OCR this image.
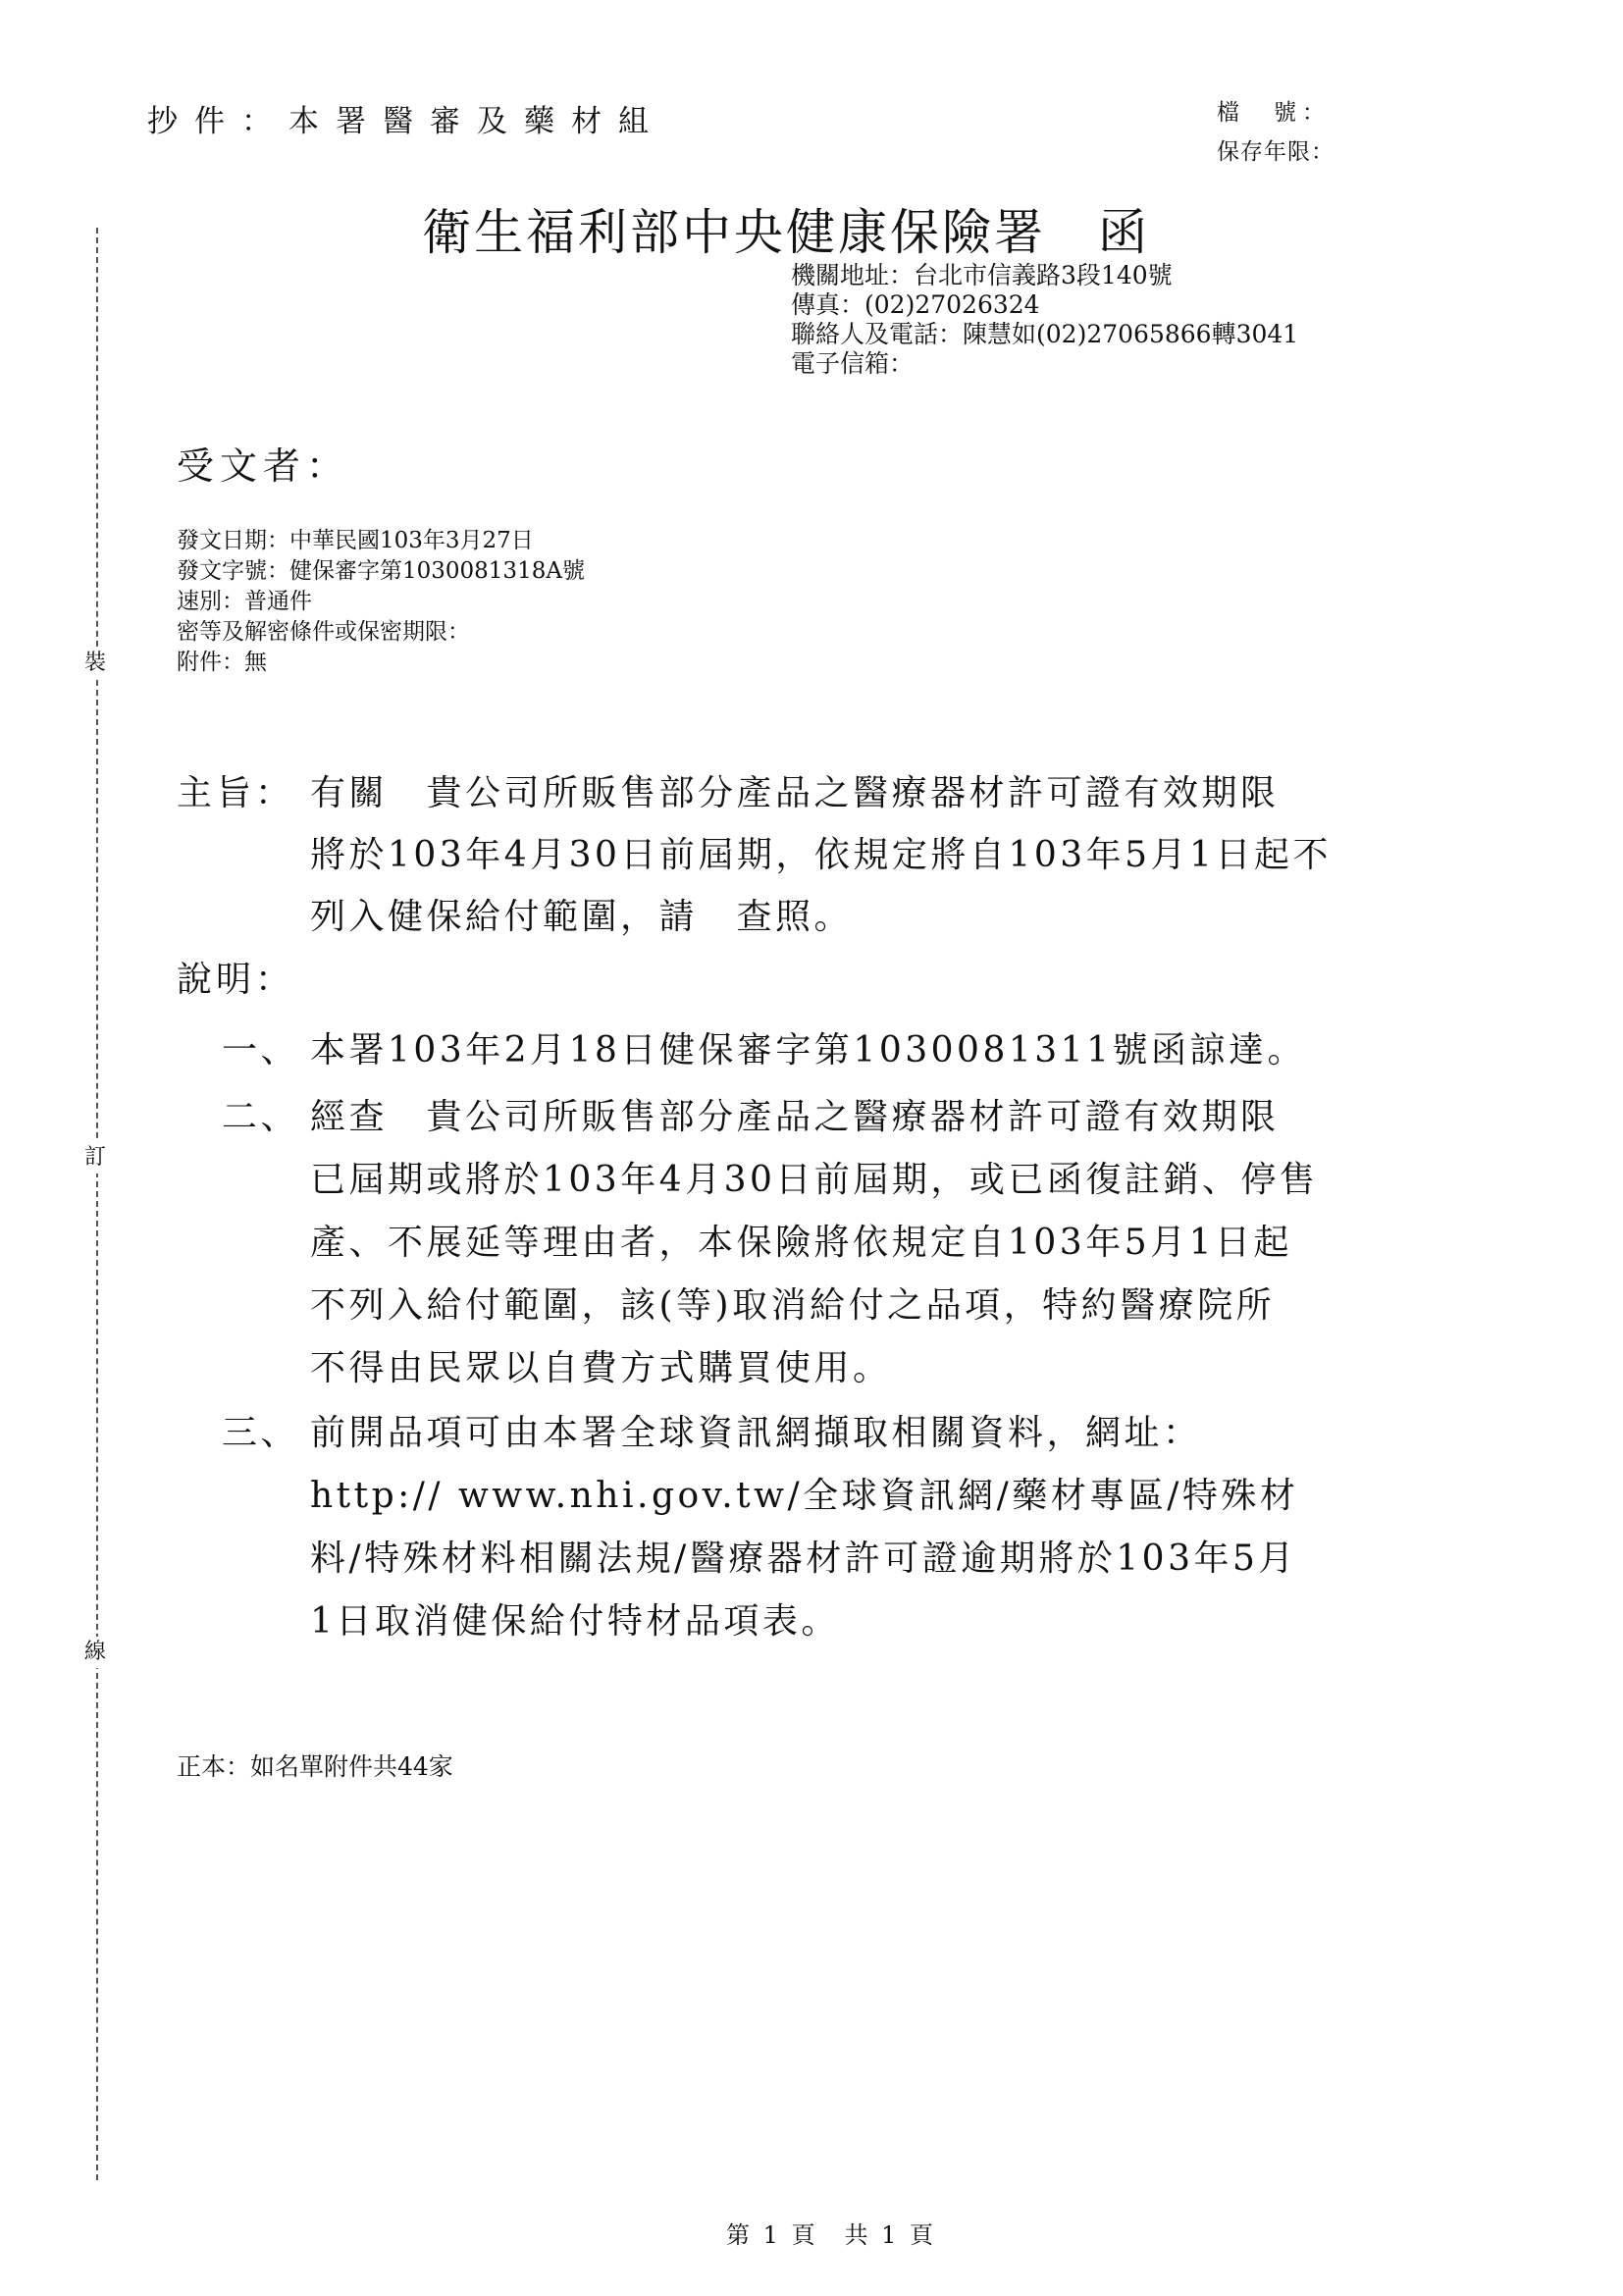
裝
訂
線
抄件：本署醫審及藥材組	檔　號：
保存年限：
衛生福利部中央健康保險署　函
機關地址：台北市信義路3段140號
傳真：(02)27026324
聯絡人及電話：陳慧如(02)27065866轉3041
電子信箱：
受文者：
發文日期：中華民國103年3月27日
發文字號：健保審字第1030081318A號
速別：普通件
密等及解密條件或保密期限：
附件：無
主旨： 有關　貴公司所販售部分產品之醫療器材許可證有效期限
將於103年4月30日前屆期，依規定將自103年5月1日起不
列入健保給付範圍，請　查照。
說明：
一、 本署103年2月18日健保審字第1030081311號函諒達。
二、 經查　貴公司所販售部分產品之醫療器材許可證有效期限
已屆期或將於103年4月30日前屆期，或已函復註銷、停售
產、不展延等理由者，本保險將依規定自103年5月1日起
不列入給付範圍，該(等)取消給付之品項，特約醫療院所
不得由民眾以自費方式購買使用。
三、 前開品項可由本署全球資訊網擷取相關資料，網址：
http:// www.nhi.gov.tw/全球資訊網/藥材專區/特殊材
料/特殊材料相關法規/醫療器材許可證逾期將於103年5月
1日取消健保給付特材品項表。
正本：如名單附件共44家
第 1 頁　共 1 頁
